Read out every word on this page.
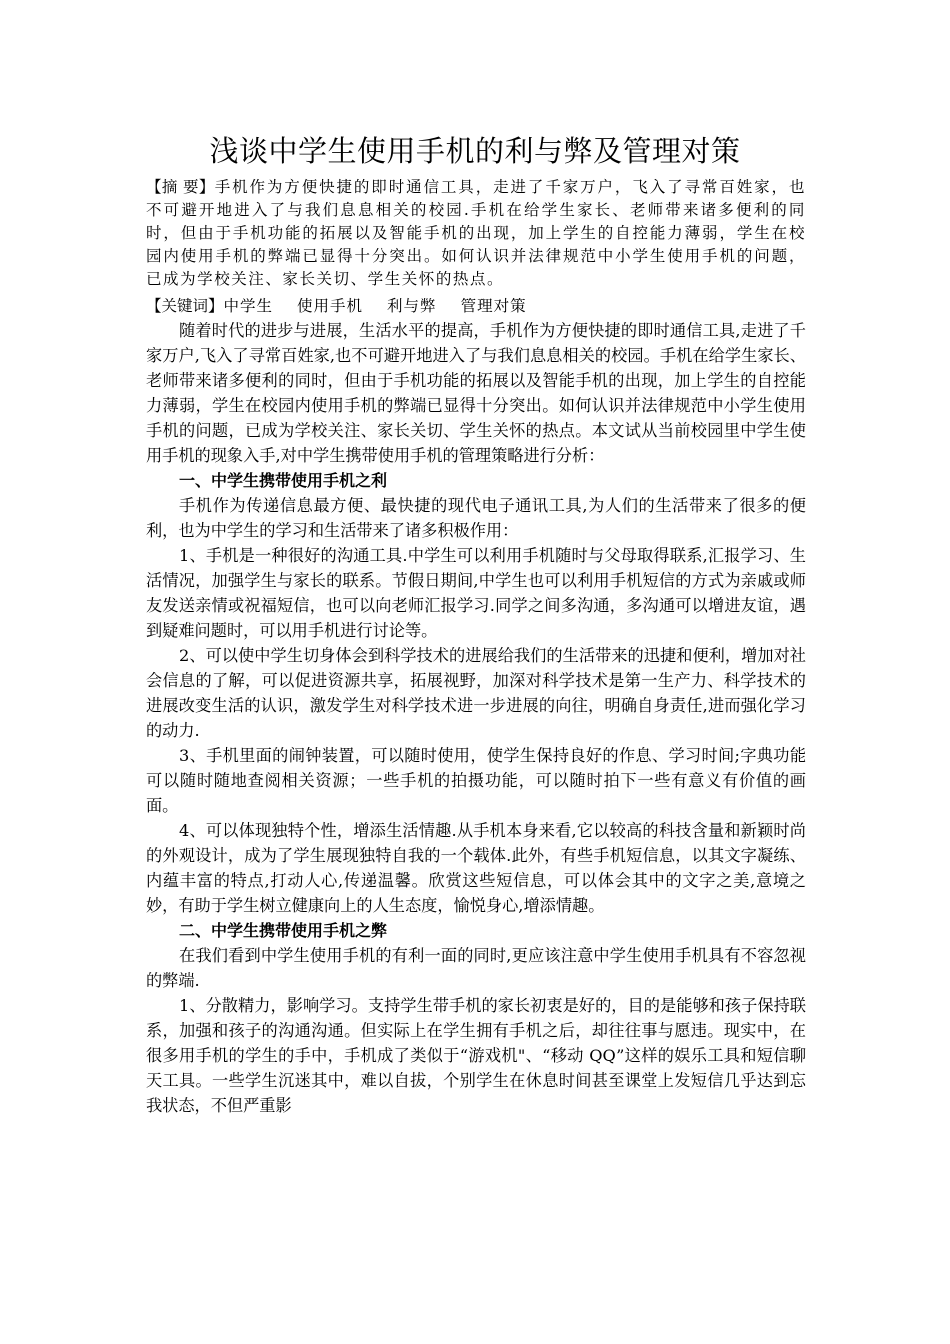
浅谈中学生使用手机的利与弊及管理对策

【摘 要】手机作为方便快捷的即时通信工具，走进了千家万户，飞入了寻常百姓家，也不可避开地进入了与我们息息相关的校园.手机在给学生家长、老师带来诸多便利的同时，但由于手机功能的拓展以及智能手机的出现，加上学生的自控能力薄弱，学生在校园内使用手机的弊端已显得十分突出。如何认识并法律规范中小学生使用手机的问题，已成为学校关注、家长关切、学生关怀的热点。

【关键词】中学生 使用手机 利与弊 管理对策

随着时代的进步与进展，生活水平的提高，手机作为方便快捷的即时通信工具,走进了千家万户,飞入了寻常百姓家,也不可避开地进入了与我们息息相关的校园。手机在给学生家长、老师带来诸多便利的同时，但由于手机功能的拓展以及智能手机的出现，加上学生的自控能力薄弱，学生在校园内使用手机的弊端已显得十分突出。如何认识并法律规范中小学生使用手机的问题，已成为学校关注、家长关切、学生关怀的热点。本文试从当前校园里中学生使用手机的现象入手,对中学生携带使用手机的管理策略进行分析：

一、中学生携带使用手机之利

手机作为传递信息最方便、最快捷的现代电子通讯工具,为人们的生活带来了很多的便利，也为中学生的学习和生活带来了诸多积极作用：

1、手机是一种很好的沟通工具.中学生可以利用手机随时与父母取得联系,汇报学习、生活情况，加强学生与家长的联系。节假日期间,中学生也可以利用手机短信的方式为亲戚或师友发送亲情或祝福短信，也可以向老师汇报学习.同学之间多沟通，多沟通可以增进友谊，遇到疑难问题时，可以用手机进行讨论等。

2、可以使中学生切身体会到科学技术的进展给我们的生活带来的迅捷和便利，增加对社会信息的了解，可以促进资源共享，拓展视野，加深对科学技术是第一生产力、科学技术的进展改变生活的认识，激发学生对科学技术进一步进展的向往，明确自身责任,进而强化学习的动力.

3、手机里面的闹钟装置，可以随时使用，使学生保持良好的作息、学习时间;字典功能可以随时随地查阅相关资源；一些手机的拍摄功能，可以随时拍下一些有意义有价值的画面。

4、可以体现独特个性，增添生活情趣.从手机本身来看,它以较高的科技含量和新颖时尚的外观设计，成为了学生展现独特自我的一个载体.此外，有些手机短信息，以其文字凝练、内蕴丰富的特点,打动人心,传递温馨。欣赏这些短信息，可以体会其中的文字之美,意境之妙，有助于学生树立健康向上的人生态度，愉悦身心,增添情趣。

二、中学生携带使用手机之弊

在我们看到中学生使用手机的有利一面的同时,更应该注意中学生使用手机具有不容忽视的弊端.

1、分散精力，影响学习。支持学生带手机的家长初衷是好的，目的是能够和孩子保持联系，加强和孩子的沟通沟通。但实际上在学生拥有手机之后，却往往事与愿违。现实中，在很多用手机的学生的手中，手机成了类似于“游戏机"、“移动 QQ”这样的娱乐工具和短信聊天工具。一些学生沉迷其中，难以自拔，个别学生在休息时间甚至课堂上发短信几乎达到忘我状态，不但严重影
